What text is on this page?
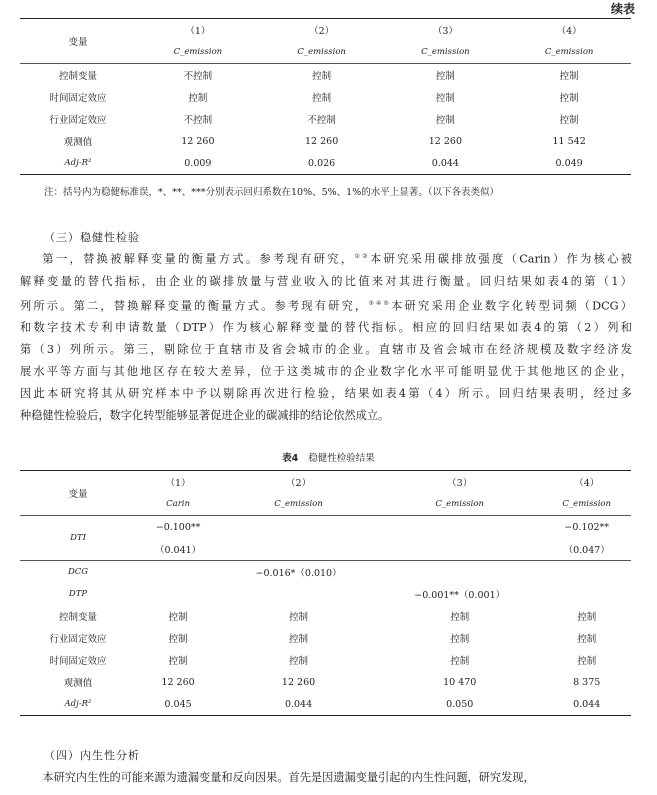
续表
变量	（1）	（2）	（3）	（4）
	C_emission	C_emission	C_emission	C_emission
控制变量	不控制	控制	控制	控制
时间固定效应	控制	控制	控制	控制
行业固定效应	不控制	不控制	控制	控制
观测值	12 260	12 260	12 260	11 542
Adj-R²	0.009	0.026	0.044	0.049
注：括号内为稳健标准误，*、**、***分别表示回归系数在10%、5%、1%的水平上显著。（以下各表类似）
（三）稳健性检验

第一，替换被解释变量的衡量方式。参考现有研究，①②本研究采用碳排放强度（Carin）作为核心被

解释变量的替代指标，由企业的碳排放量与营业收入的比值来对其进行衡量。回归结果如表4的第（1）

列所示。第二，替换解释变量的衡量方式。参考现有研究，③④⑤本研究采用企业数字化转型词频（DCG）

和数字技术专利申请数量（DTP）作为核心解释变量的替代指标。相应的回归结果如表4的第（2）列和

第（3）列所示。第三，剔除位于直辖市及省会城市的企业。直辖市及省会城市在经济规模及数字经济发

展水平等方面与其他地区存在较大差异，位于这类城市的企业数字化水平可能明显优于其他地区的企业，

因此本研究将其从研究样本中予以剔除再次进行检验，结果如表4第（4）所示。回归结果表明，经过多

种稳健性检验后，数字化转型能够显著促进企业的碳减排的结论依然成立。

表4 稳健性检验结果
变量	（1）	（2）	（3）	（4）
	Carin	C_emission	C_emission	C_emission
DTI	−0.100**			−0.102**
	（0.041）			（0.047）
DCG		−0.016*（0.010）		
DTP			−0.001**（0.001）	
控制变量	控制	控制	控制	控制
行业固定效应	控制	控制	控制	控制
时间固定效应	控制	控制	控制	控制
观测值	12 260	12 260	10 470	8 375
Adj-R²	0.045	0.044	0.050	0.044
（四）内生性分析

本研究内生性的可能来源为遗漏变量和反向因果。首先是因遗漏变量引起的内生性问题，研究发现，
